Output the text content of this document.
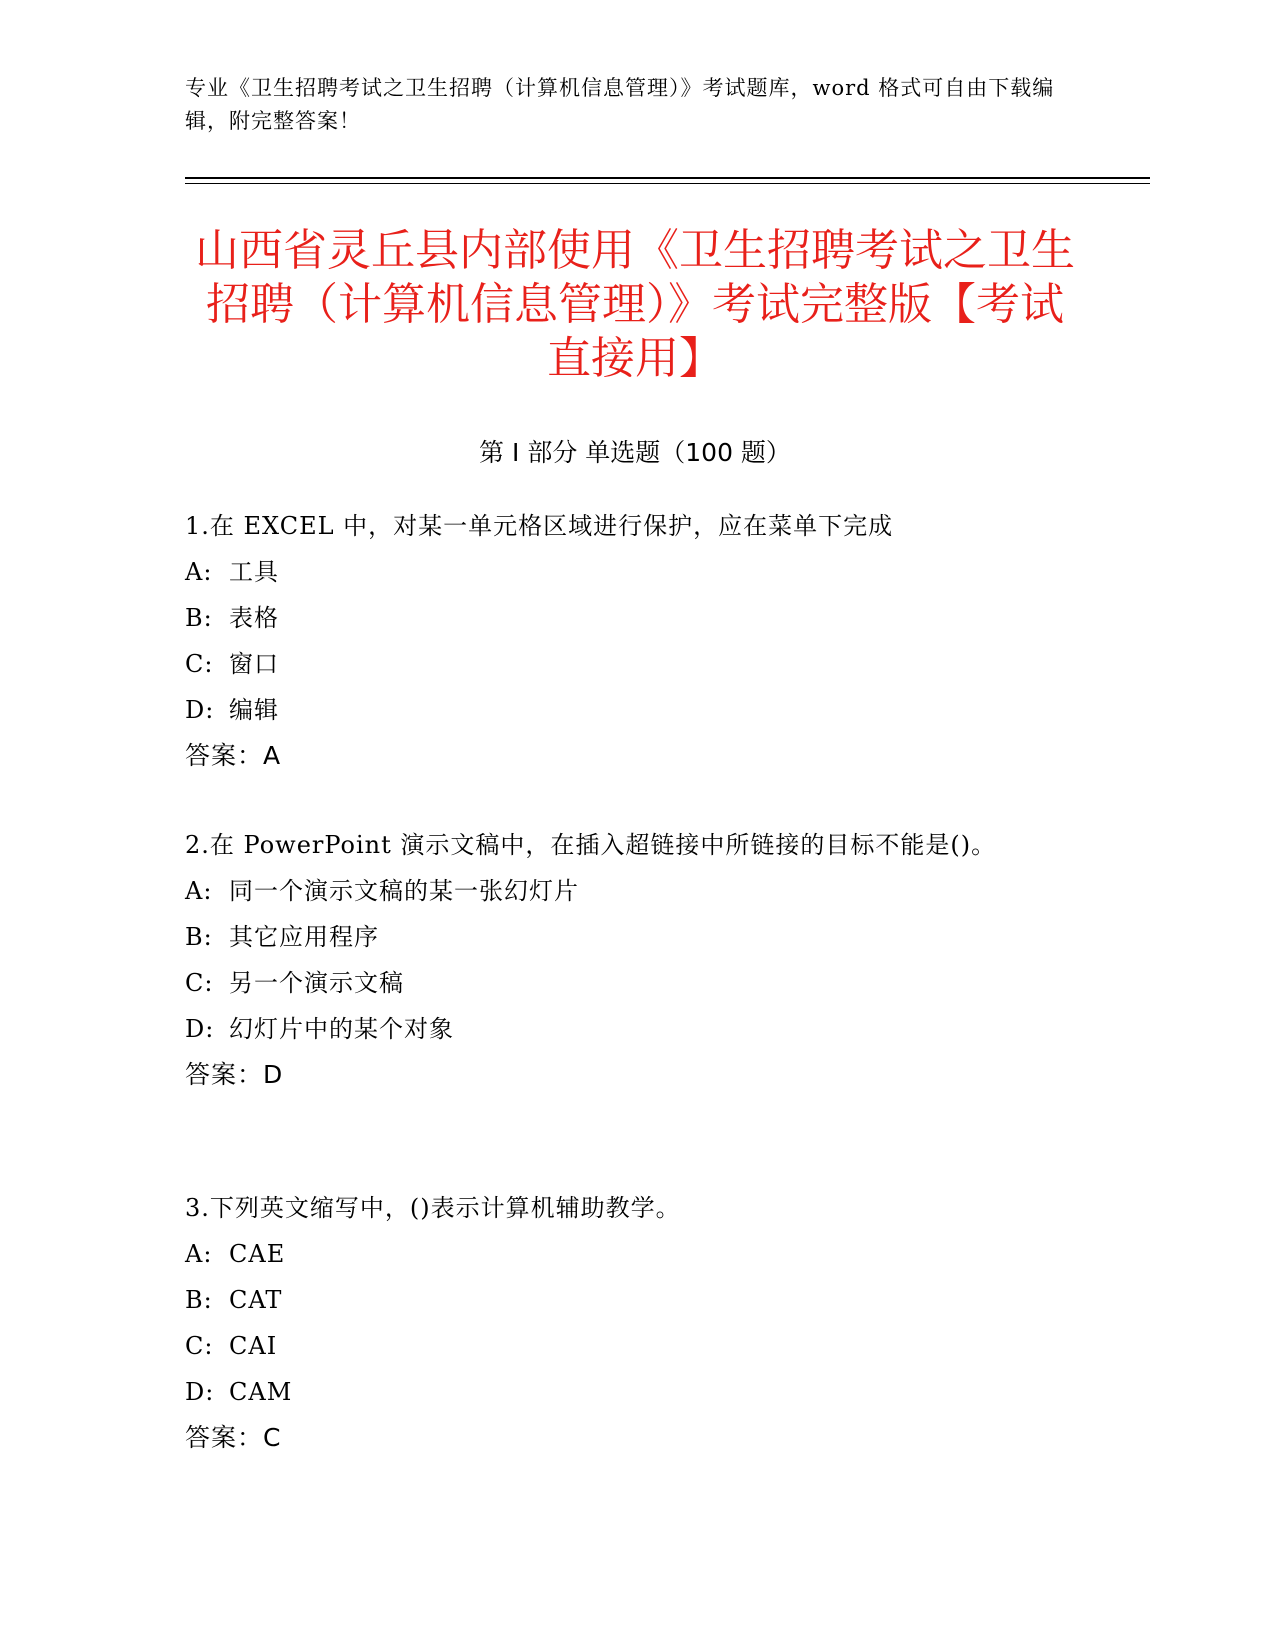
专业《卫生招聘考试之卫生招聘（计算机信息管理）》考试题库，word 格式可自由下载编辑，附完整答案！
山西省灵丘县内部使用《卫生招聘考试之卫生招聘（计算机信息管理）》考试完整版【考试直接用】
第 I 部分 单选题（100 题）
1.在 EXCEL 中，对某一单元格区域进行保护，应在菜单下完成
A: 工具
B: 表格
C: 窗口
D: 编辑
答案：A
2.在 PowerPoint 演示文稿中，在插入超链接中所链接的目标不能是()。
A: 同一个演示文稿的某一张幻灯片
B: 其它应用程序
C: 另一个演示文稿
D: 幻灯片中的某个对象
答案：D
3.下列英文缩写中，()表示计算机辅助教学。
A: CAE
B: CAT
C: CAI
D: CAM
答案：C
